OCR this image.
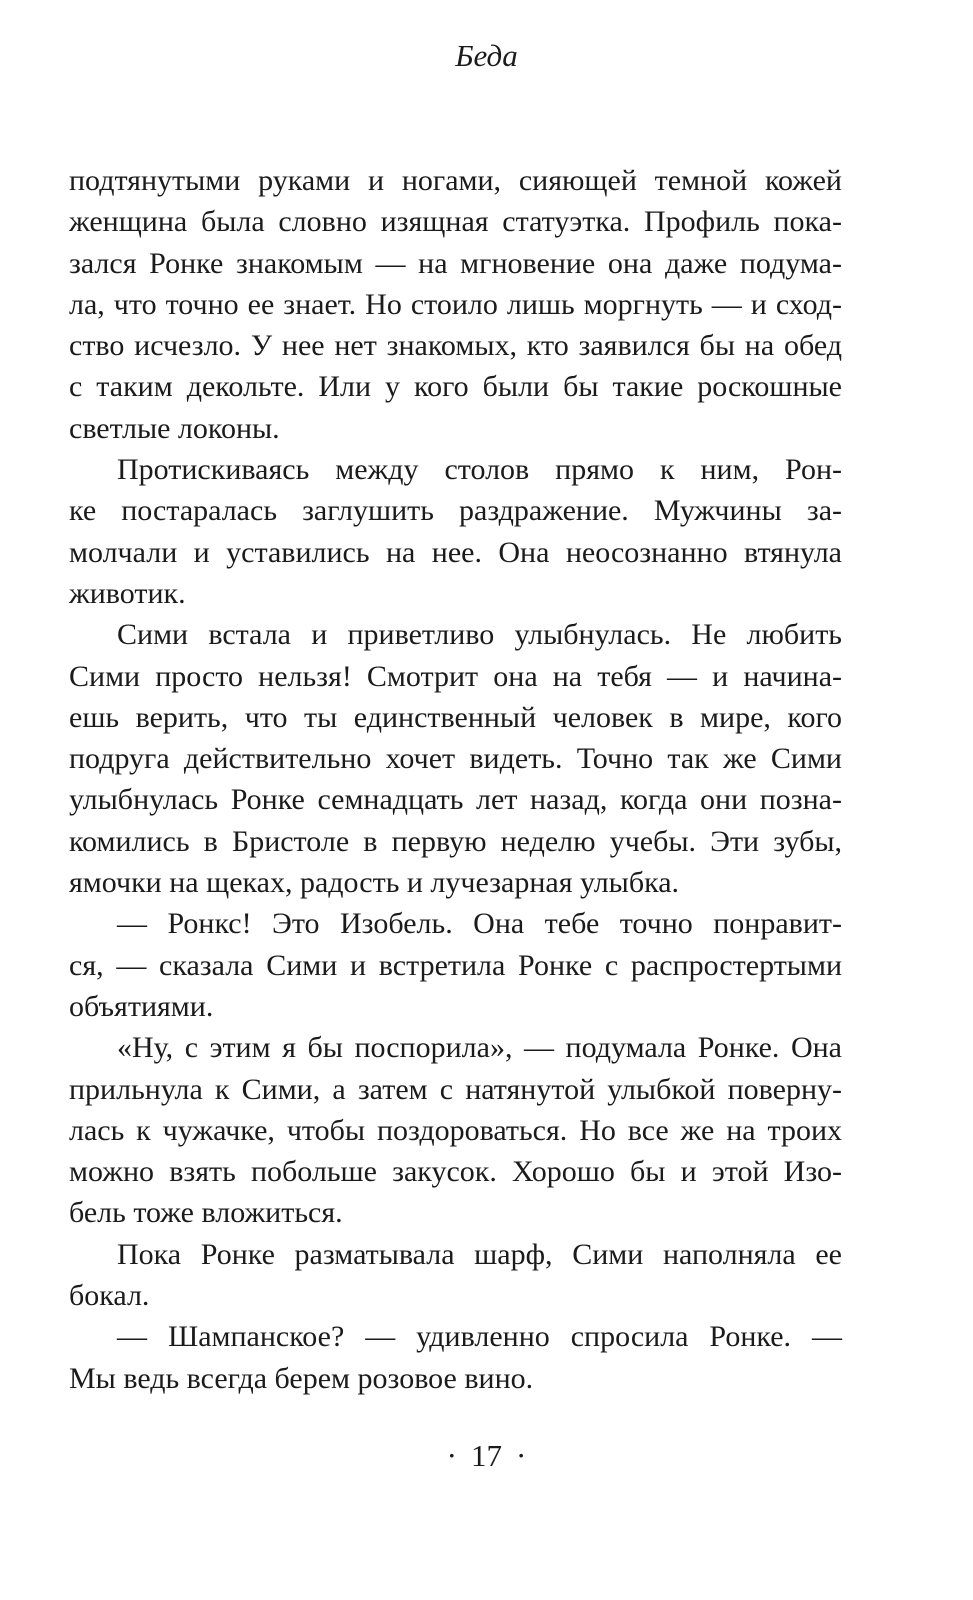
Беда
подтянутыми руками и ногами, сияющей темной кожей
женщина была словно изящная статуэтка. Профиль пока-
зался Ронке знакомым — на мгновение она даже подума-
ла, что точно ее знает. Но стоило лишь моргнуть — и сход-
ство исчезло. У нее нет знакомых, кто заявился бы на обед
с таким декольте. Или у кого были бы такие роскошные
светлые локоны.
Протискиваясь между столов прямо к ним, Рон-
ке постаралась заглушить раздражение. Мужчины за-
молчали и уставились на нее. Она неосознанно втянула
животик.
Сими встала и приветливо улыбнулась. Не любить
Сими просто нельзя! Смотрит она на тебя — и начина-
ешь верить, что ты единственный человек в мире, кого
подруга действительно хочет видеть. Точно так же Сими
улыбнулась Ронке семнадцать лет назад, когда они позна-
комились в Бристоле в первую неделю учебы. Эти зубы,
ямочки на щеках, радость и лучезарная улыбка.
— Ронкс! Это Изобель. Она тебе точно понравит-
ся, — сказала Сими и встретила Ронке с распростертыми
объятиями.
«Ну, с этим я бы поспорила», — подумала Ронке. Она
прильнула к Сими, а затем с натянутой улыбкой поверну-
лась к чужачке, чтобы поздороваться. Но все же на троих
можно взять побольше закусок. Хорошо бы и этой Изо-
бель тоже вложиться.
Пока Ронке разматывала шарф, Сими наполняла ее
бокал.
— Шампанское? — удивленно спросила Ронке. —
Мы ведь всегда берем розовое вино.
· 17 ·
